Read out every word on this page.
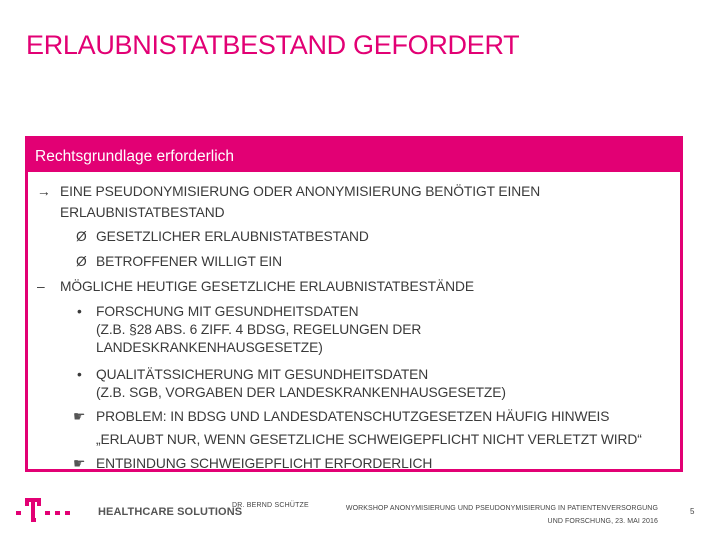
ERLAUBNISTATBESTAND GEFORDERT
Rechtsgrundlage erforderlich
→ EINE PSEUDONYMISIERUNG ODER ANONYMISIERUNG BENÖTIGT EINEN
ERLAUBNISTATBESTAND
Ø GESETZLICHER ERLAUBNISTATBESTAND
Ø BETROFFENER WILLIGT EIN
– MÖGLICHE HEUTIGE GESETZLICHE ERLAUBNISTATBESTÄNDE
• FORSCHUNG MIT GESUNDHEITSDATEN
(Z.B. §28 ABS. 6 ZIFF. 4 BDSG, REGELUNGEN DER
LANDESKRANKENHAUSGESETZE)
• QUALITÄTSSICHERUNG MIT GESUNDHEITSDATEN
(Z.B. SGB, VORGABEN DER LANDESKRANKENHAUSGESETZE)
☛ PROBLEM: IN BDSG UND LANDESDATENSCHUTZGESETZEN HÄUFIG HINWEIS
„ERLAUBT NUR, WENN GESETZLICHE SCHWEIGEPFLICHT NICHT VERLETZT WIRD“
☛ ENTBINDUNG SCHWEIGEPFLICHT ERFORDERLICH
HEALTHCARE SOLUTIONS
DR. BERND SCHÜTZE	WORKSHOP ANONYMISIERUNG UND PSEUDONYMISIERUNG IN PATIENTENVERSORGUNG
UND FORSCHUNG, 23. MAI 2016
5
